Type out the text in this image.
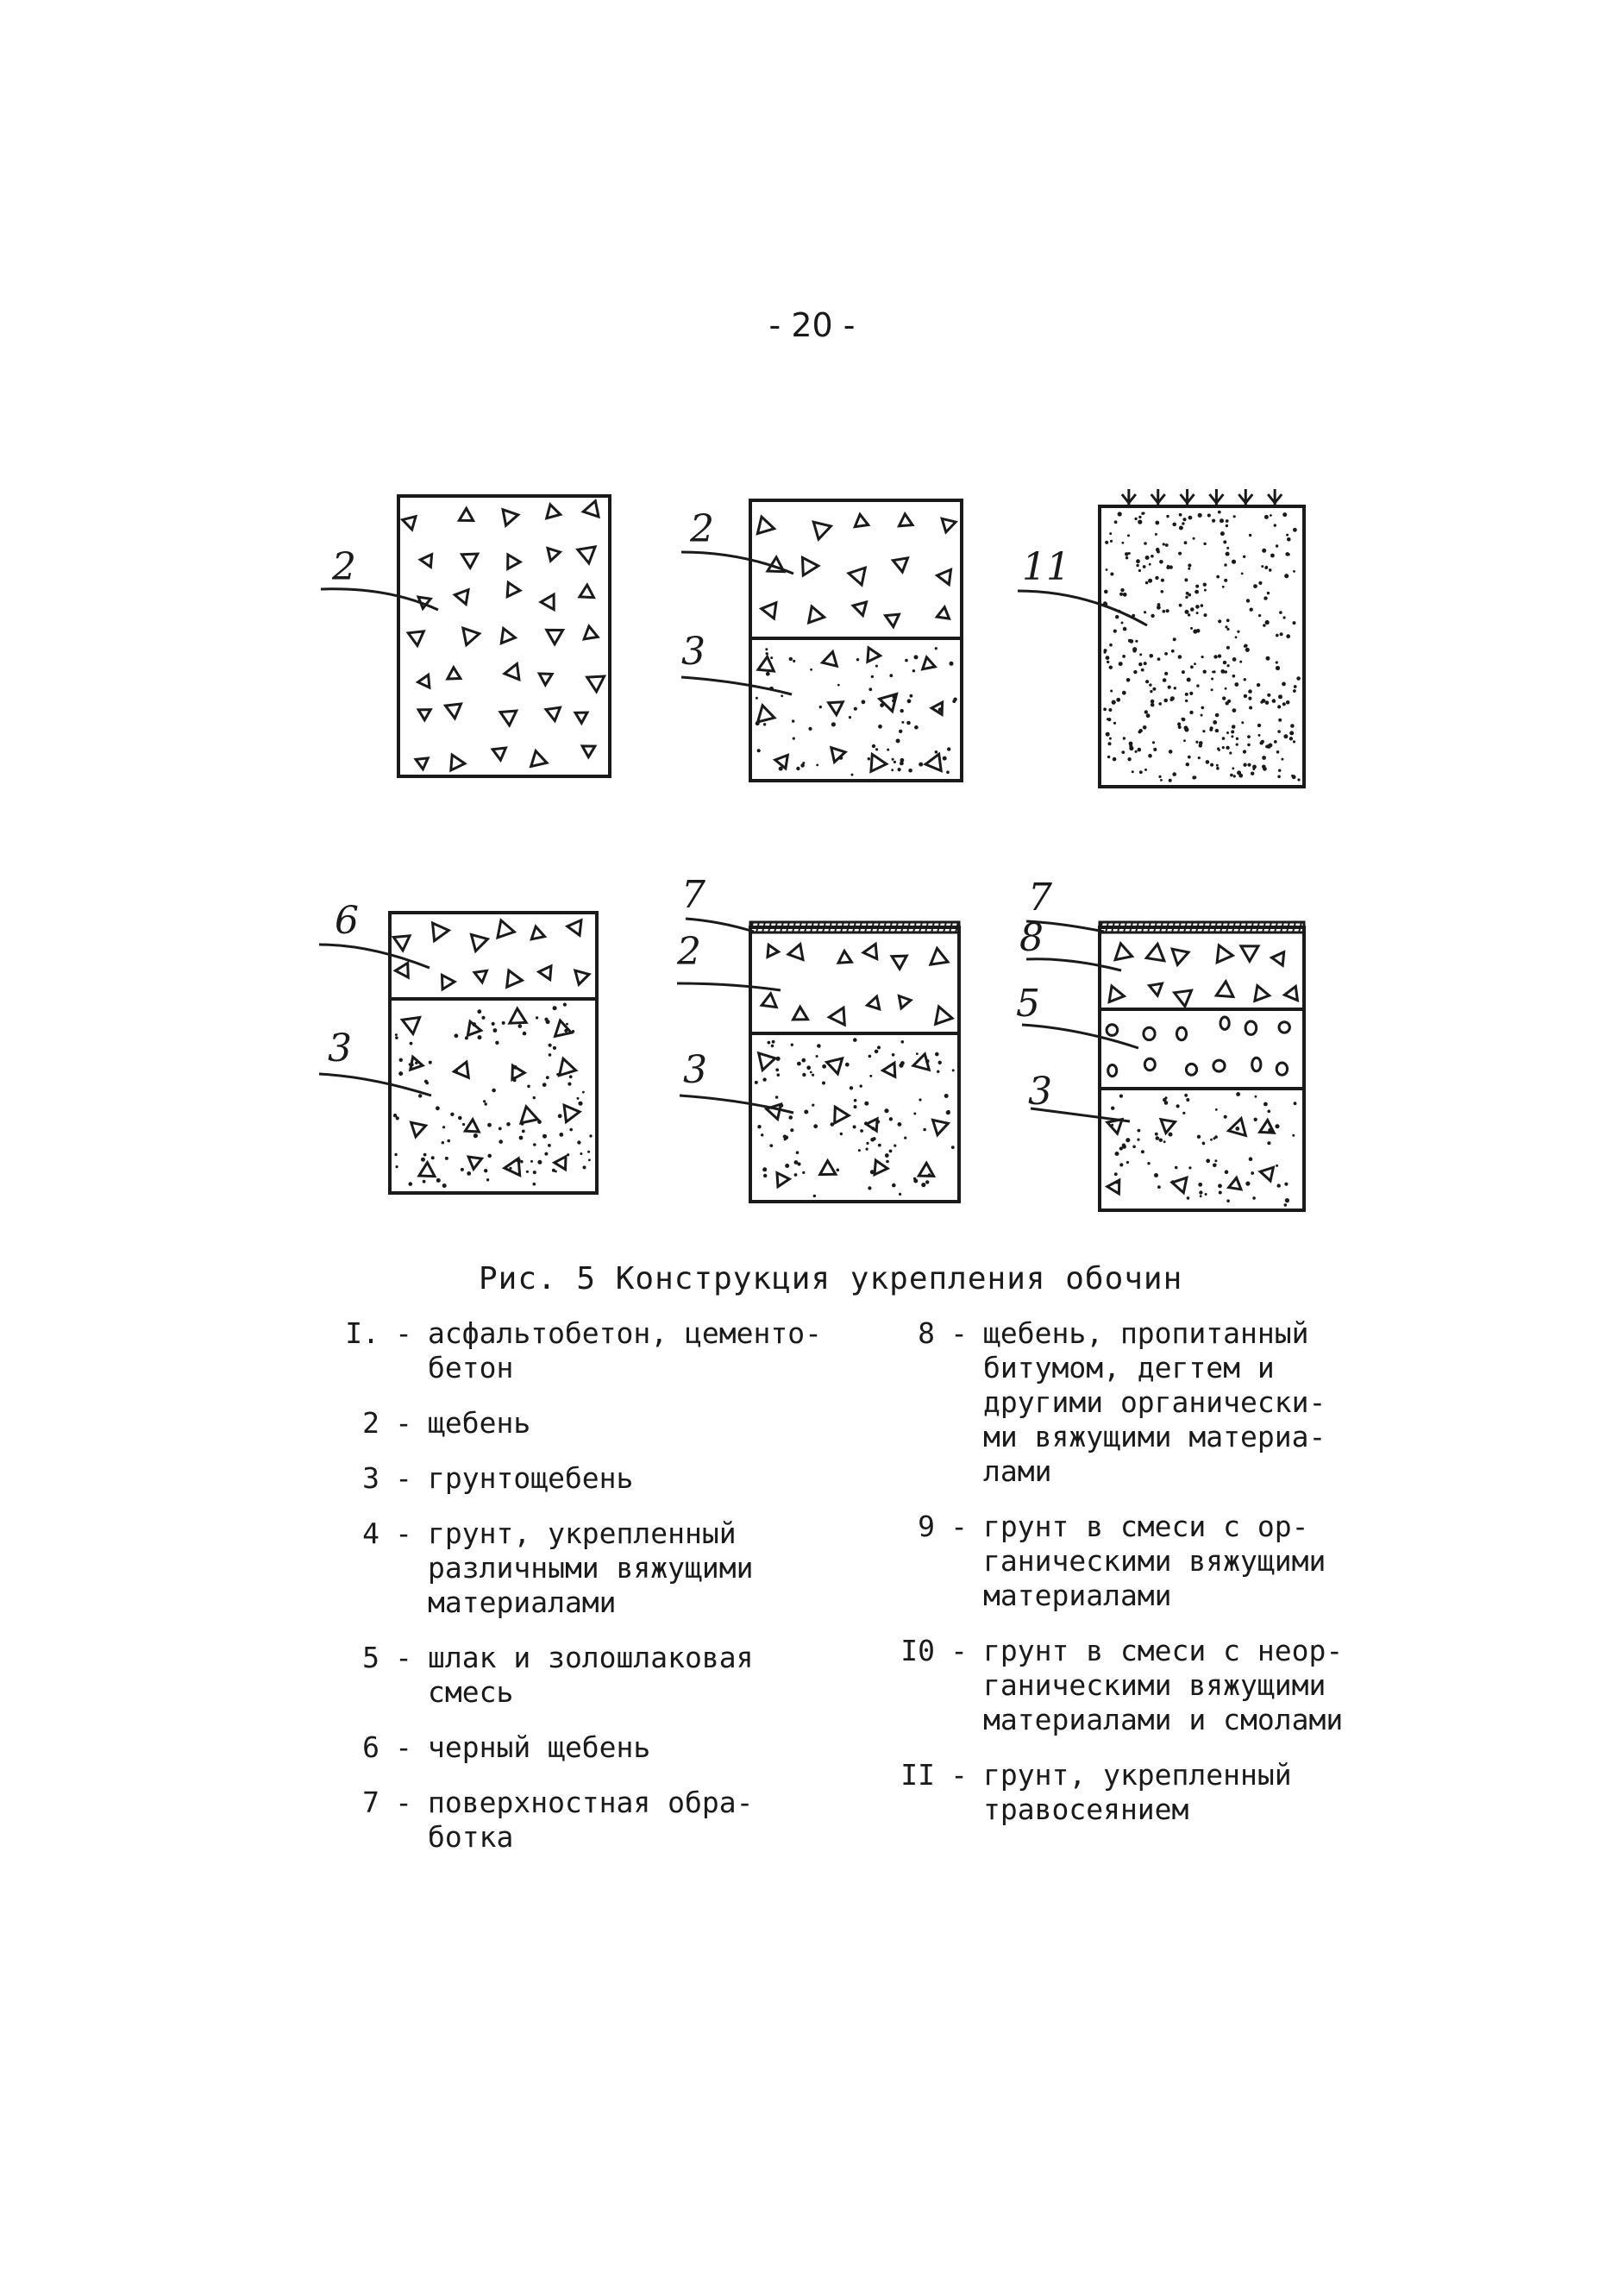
- 20 -
2
2
3
11
6
3
7
2
3
7
8
5
3
Рис. 5 Конструкция укрепления обочин
I. - асфальтобетон, цементо-
бетон
2 - щебень
3 - грунтощебень
4 - грунт, укрепленный
различными вяжущими
материалами
5 - шлак и золошлаковая
смесь
6 - черный щебень
7 - поверхностная обра-
ботка
8 - щебень, пропитанный
битумом, дегтем и
другими органически-
ми вяжущими материа-
лами
9 - грунт в смеси с ор-
ганическими вяжущими
материалами
I0 - грунт в смеси с неор-
ганическими вяжущими
материалами и смолами
II - грунт, укрепленный
травосеянием
